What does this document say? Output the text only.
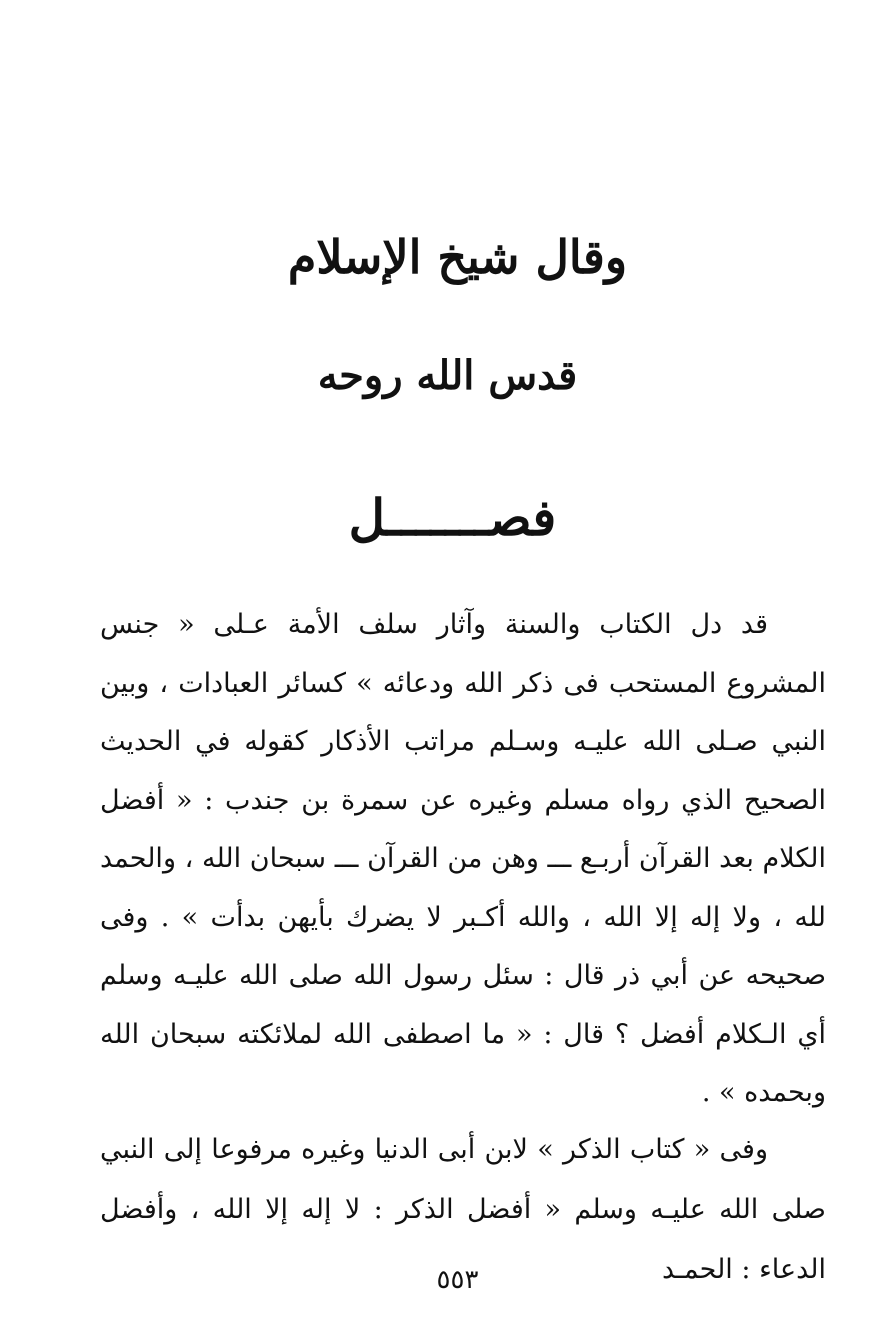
وقال شيخ الإسلام
قدس الله روحه
فصـــــــل

قد دل الكتاب والسنة وآثار سلف الأمة عـلى « جنس المشروع المستحب فى ذكر الله ودعائه » كسائر العبادات ، وبين النبي صـلى الله عليـه وسـلم مراتب الأذكار كقوله في الحديث الصحيح الذي رواه مسلم وغيره عن سمرة بن جندب : « أفضل الكلام بعد القرآن أربـع ـــ وهن من القرآن ـــ سبحان الله ، والحمد لله ، ولا إله إلا الله ، والله أكـبر لا يضرك بأيهن بدأت » . وفى صحيحه عن أبي ذر قال : سئل رسول الله صلى الله عليـه وسلم أي الـكلام أفضل ؟ قال : « ما اصطفى الله لملائكته سبحان الله وبحمده » .

وفى « كتاب الذكر » لابن أبى الدنيا وغيره مرفوعا إلى النبي صلى الله عليـه وسلم « أفضل الذكر : لا إله إلا الله ، وأفضل الدعاء : الحمـد

٥٥٣
